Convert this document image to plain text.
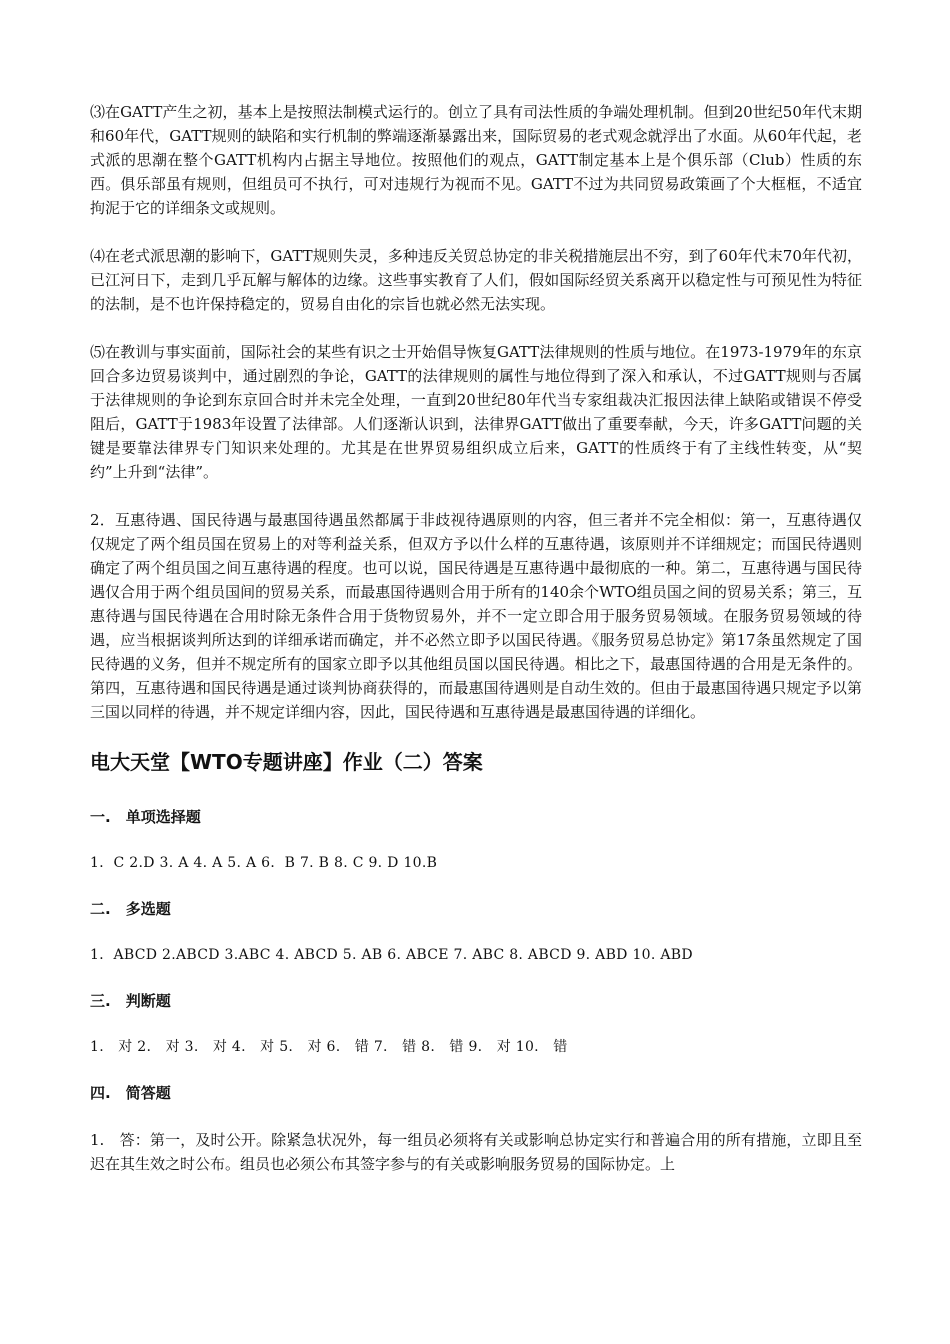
⑶在GATT产生之初，基本上是按照法制模式运行的。创立了具有司法性质的争端处理机制。但到20世纪50年代末期和60年代，GATT规则的缺陷和实行机制的弊端逐渐暴露出来，国际贸易的老式观念就浮出了水面。从60年代起，老式派的思潮在整个GATT机构内占据主导地位。按照他们的观点，GATT制定基本上是个俱乐部（Club）性质的东西。俱乐部虽有规则，但组员可不执行，可对违规行为视而不见。GATT不过为共同贸易政策画了个大框框，不适宜拘泥于它的详细条文或规则。

⑷在老式派思潮的影响下，GATT规则失灵，多种违反关贸总协定的非关税措施层出不穷，到了60年代末70年代初，已江河日下，走到几乎瓦解与解体的边缘。这些事实教育了人们，假如国际经贸关系离开以稳定性与可预见性为特征的法制，是不也许保持稳定的，贸易自由化的宗旨也就必然无法实现。

⑸在教训与事实面前，国际社会的某些有识之士开始倡导恢复GATT法律规则的性质与地位。在1973-1979年的东京回合多边贸易谈判中，通过剧烈的争论，GATT的法律规则的属性与地位得到了深入和承认，不过GATT规则与否属于法律规则的争论到东京回合时并未完全处理，一直到20世纪80年代当专家组裁决汇报因法律上缺陷或错误不停受阻后，GATT于1983年设置了法律部。人们逐渐认识到，法律界GATT做出了重要奉献，今天，许多GATT问题的关键是要靠法律界专门知识来处理的。尤其是在世界贸易组织成立后来，GATT的性质终于有了主线性转变，从“契约”上升到“法律”。

2．互惠待遇、国民待遇与最惠国待遇虽然都属于非歧视待遇原则的内容，但三者并不完全相似：第一，互惠待遇仅仅规定了两个组员国在贸易上的对等利益关系，但双方予以什么样的互惠待遇，该原则并不详细规定；而国民待遇则确定了两个组员国之间互惠待遇的程度。也可以说，国民待遇是互惠待遇中最彻底的一种。第二，互惠待遇与国民待遇仅合用于两个组员国间的贸易关系，而最惠国待遇则合用于所有的140余个WTO组员国之间的贸易关系；第三，互惠待遇与国民待遇在合用时除无条件合用于货物贸易外，并不一定立即合用于服务贸易领域。在服务贸易领域的待遇，应当根据谈判所达到的详细承诺而确定，并不必然立即予以国民待遇。《服务贸易总协定》第17条虽然规定了国民待遇的义务，但并不规定所有的国家立即予以其他组员国以国民待遇。相比之下，最惠国待遇的合用是无条件的。第四，互惠待遇和国民待遇是通过谈判协商获得的，而最惠国待遇则是自动生效的。但由于最惠国待遇只规定予以第三国以同样的待遇，并不规定详细内容，因此，国民待遇和互惠待遇是最惠国待遇的详细化。

电大天堂【WTO专题讲座】作业（二）答案
一.　单项选择题
1．C 2.D 3. A 4. A 5. A 6．B 7. B 8. C 9. D 10.B
二.　多选题
1．ABCD 2.ABCD 3.ABC 4. ABCD 5. AB 6. ABCE 7. ABC 8. ABCD 9. ABD 10. ABD
三.　判断题
1.　对 2.　对 3.　对 4.　对 5.　对 6.　错 7.　错 8.　错 9.　对 10.　错
四.　简答题

1.　答：第一，及时公开。除紧急状况外，每一组员必须将有关或影响总协定实行和普遍合用的所有措施，立即且至迟在其生效之时公布。组员也必须公布其签字参与的有关或影响服务贸易的国际协定。上
